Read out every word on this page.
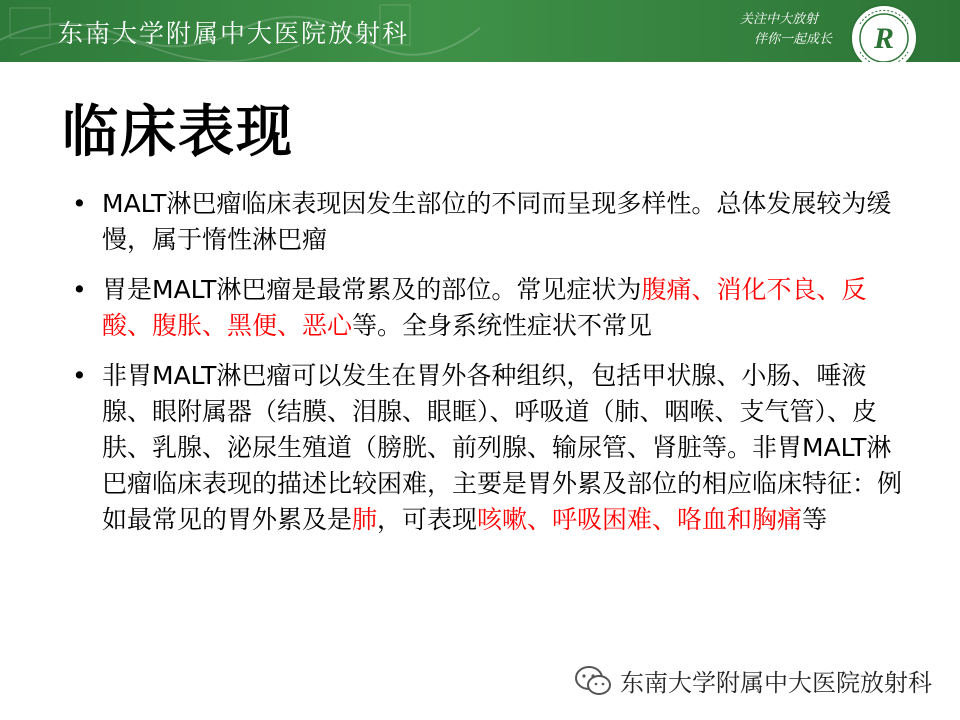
东南大学附属中大医院放射科	关注中大放射
伴你一起成长 R
临床表现
• MALT淋巴瘤临床表现因发生部位的不同而呈现多样性。总体发展较为缓慢，属于惰性淋巴瘤
• 胃是MALT淋巴瘤是最常累及的部位。常见症状为腹痛、消化不良、反酸、腹胀、黑便、恶心等。全身系统性症状不常见
• 非胃MALT淋巴瘤可以发生在胃外各种组织，包括甲状腺、小肠、唾液腺、眼附属器（结膜、泪腺、眼眶）、呼吸道（肺、咽喉、支气管）、皮肤、乳腺、泌尿生殖道（膀胱、前列腺、输尿管、肾脏等。非胃MALT淋巴瘤临床表现的描述比较困难，主要是胃外累及部位的相应临床特征：例如最常见的胃外累及是肺，可表现咳嗽、呼吸困难、咯血和胸痛等
东南大学附属中大医院放射科
